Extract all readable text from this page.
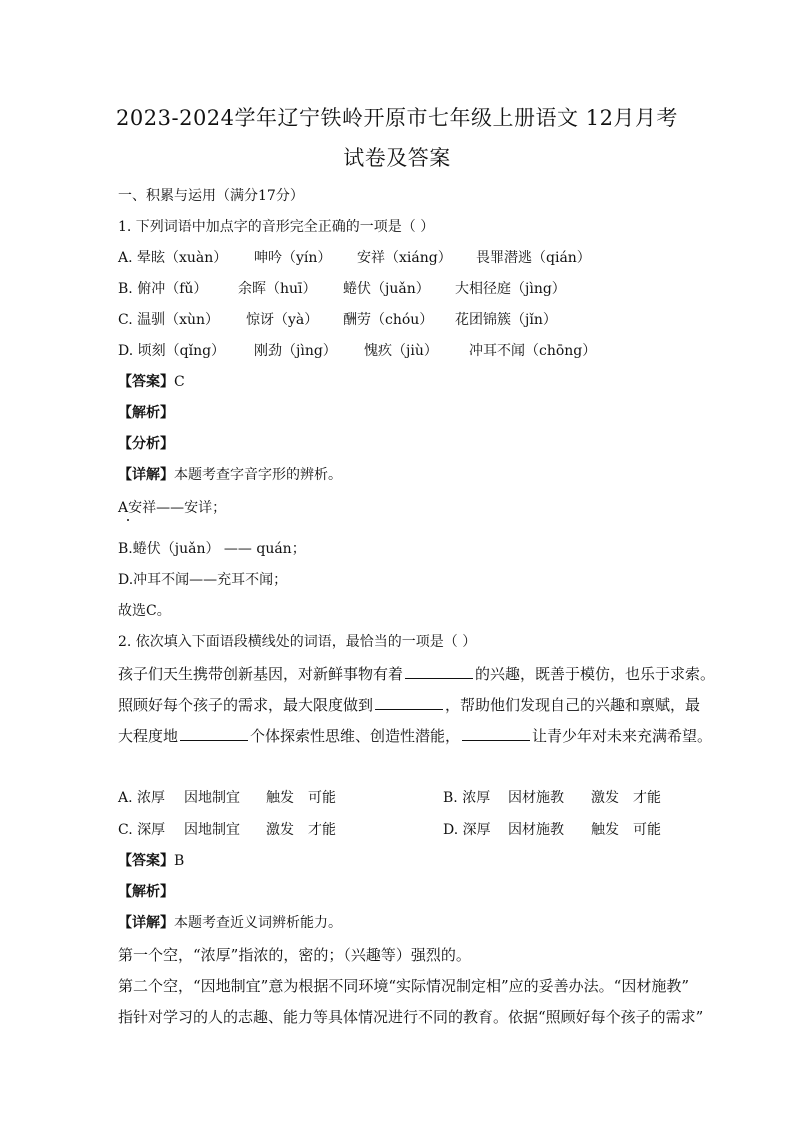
2023-2024学年辽宁铁岭开原市七年级上册语文 12月月考
试卷及答案
一、积累与运用（满分17分）
1. 下列词语中加点字的音形完全正确的一项是（ ）
A. 晕眩（xuàn） 呻吟（yín） 安祥（xiáng） 畏罪潜逃（qián）
B. 俯冲（fǔ） 余晖（huī） 蜷伏（juǎn） 大相径庭（jìng）
C. 温驯（xùn） 惊讶（yà） 酬劳（chóu） 花团锦簇（jǐn）
D. 顷刻（qǐng） 刚劲（jìng） 愧疚（jiù） 冲耳不闻（chōng）
【答案】C
【解析】
【分析】
【详解】本题考查字音字形的辨析。
A安祥——安详；
B.蜷伏（juǎn） —— quán；
D.冲耳不闻——充耳不闻；
故选C。
2. 依次填入下面语段横线处的词语，最恰当的一项是（ ）
孩子们天生携带创新基因，对新鲜事物有着	的兴趣，既善于模仿，也乐于求索。
照顾好每个孩子的需求，最大限度做到	，帮助他们发现自己的兴趣和禀赋，最
大程度地	个体探索性思维、创造性潜能，	让青少年对未来充满希望。
A. 浓厚 因地制宜 触发 可能	B. 浓厚 因材施教 激发 才能
C. 深厚 因地制宜 激发 才能	D. 深厚 因材施教 触发 可能
【答案】B
【解析】
【详解】本题考查近义词辨析能力。
第一个空，“浓厚”指浓的，密的；（兴趣等）强烈的。
第二个空，“因地制宜”意为根据不同环境“实际情况制定相”应的妥善办法。“因材施教”
指针对学习的人的志趣、能力等具体情况进行不同的教育。依据“照顾好每个孩子的需求”
